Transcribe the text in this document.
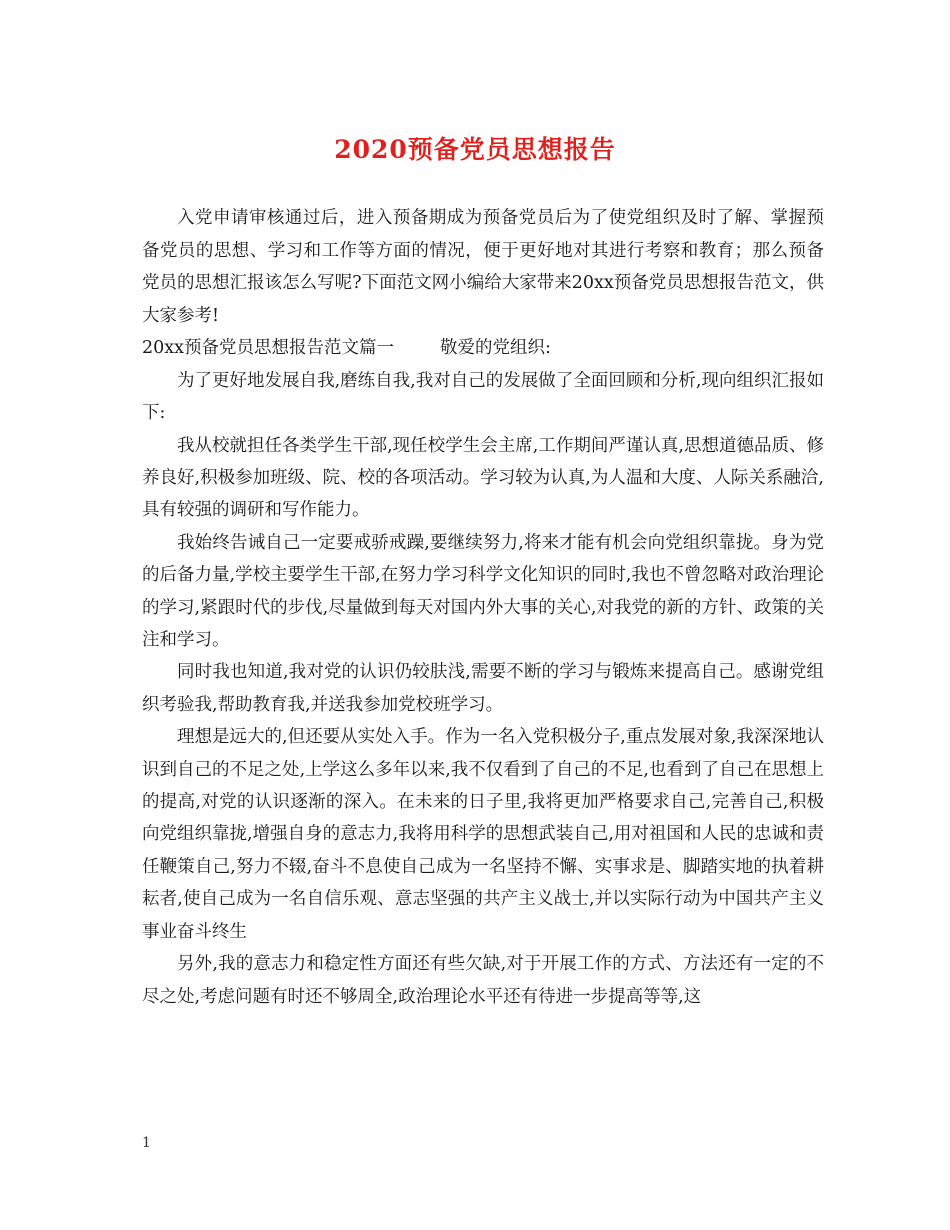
2020预备党员思想报告

入党申请审核通过后，进入预备期成为预备党员后为了使党组织及时了解、掌握预备党员的思想、学习和工作等方面的情况，便于更好地对其进行考察和教育；那么预备党员的思想汇报该怎么写呢?下面范文网小编给大家带来20xx预备党员思想报告范文，供大家参考!

20xx预备党员思想报告范文篇一	敬爱的党组织:

为了更好地发展自我,磨练自我,我对自己的发展做了全面回顾和分析,现向组织汇报如下:

我从校就担任各类学生干部,现任校学生会主席,工作期间严谨认真,思想道德品质、修养良好,积极参加班级、院、校的各项活动。学习较为认真,为人温和大度、人际关系融洽,具有较强的调研和写作能力。

我始终告诫自己一定要戒骄戒躁,要继续努力,将来才能有机会向党组织靠拢。身为党的后备力量,学校主要学生干部,在努力学习科学文化知识的同时,我也不曾忽略对政治理论的学习,紧跟时代的步伐,尽量做到每天对国内外大事的关心,对我党的新的方针、政策的关注和学习。

同时我也知道,我对党的认识仍较肤浅,需要不断的学习与锻炼来提高自己。感谢党组织考验我,帮助教育我,并送我参加党校班学习。

理想是远大的,但还要从实处入手。作为一名入党积极分子,重点发展对象,我深深地认识到自己的不足之处,上学这么多年以来,我不仅看到了自己的不足,也看到了自己在思想上的提高,对党的认识逐渐的深入。在未来的日子里,我将更加严格要求自己,完善自己,积极向党组织靠拢,增强自身的意志力,我将用科学的思想武装自己,用对祖国和人民的忠诚和责任鞭策自己,努力不辍,奋斗不息使自己成为一名坚持不懈、实事求是、脚踏实地的执着耕耘者,使自己成为一名自信乐观、意志坚强的共产主义战士,并以实际行动为中国共产主义事业奋斗终生

另外,我的意志力和稳定性方面还有些欠缺,对于开展工作的方式、方法还有一定的不尽之处,考虑问题有时还不够周全,政治理论水平还有待进一步提高等等,这

1
